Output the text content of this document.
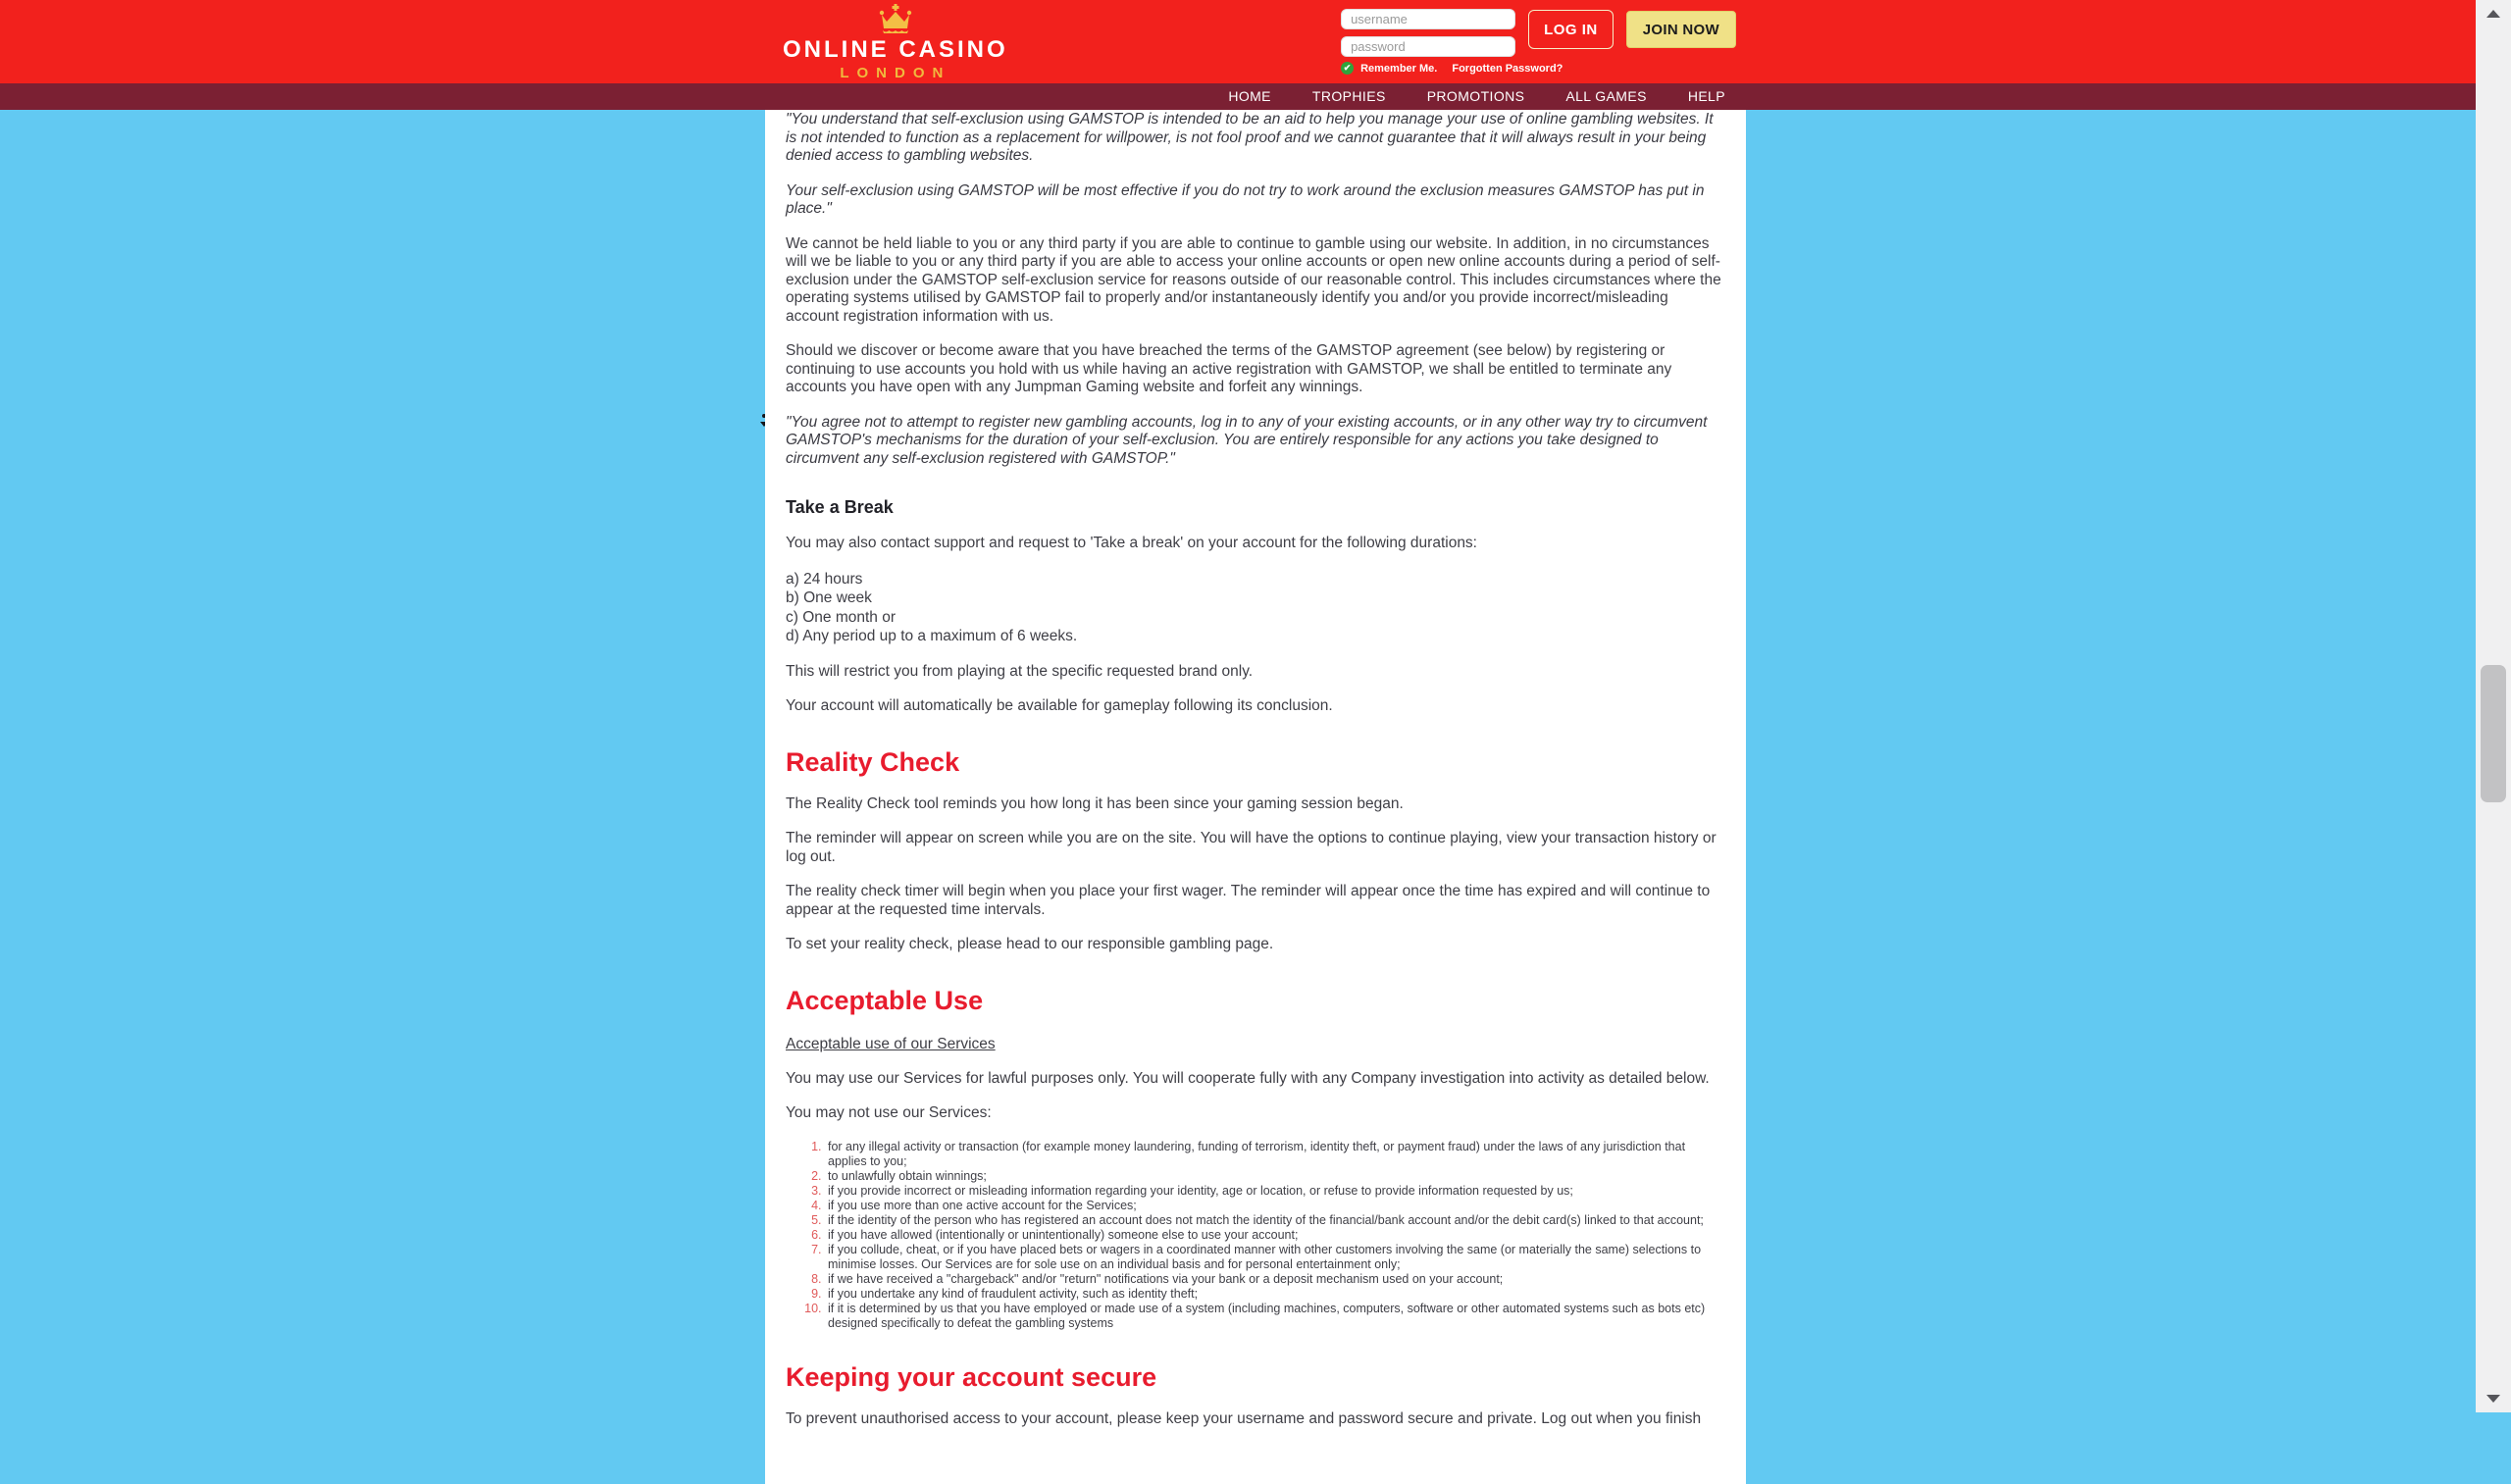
ONLINE CASINO
LONDON
username
LOG IN	JOIN NOW
✔ Remember Me. Forgotten Password?
HOME	TROPHIES	PROMOTIONS	ALL GAMES	HELP

"You understand that self-exclusion using GAMSTOP is intended to be an aid to help you manage your use of online gambling websites. It is not intended to function as a replacement for willpower, is not fool proof and we cannot guarantee that it will always result in your being denied access to gambling websites.

Your self-exclusion using GAMSTOP will be most effective if you do not try to work around the exclusion measures GAMSTOP has put in place."

We cannot be held liable to you or any third party if you are able to continue to gamble using our website. In addition, in no circumstances will we be liable to you or any third party if you are able to access your online accounts or open new online accounts during a period of self-exclusion under the GAMSTOP self-exclusion service for reasons outside of our reasonable control. This includes circumstances where the operating systems utilised by GAMSTOP fail to properly and/or instantaneously identify you and/or you provide incorrect/misleading account registration information with us.

Should we discover or become aware that you have breached the terms of the GAMSTOP agreement (see below) by registering or continuing to use accounts you hold with us while having an active registration with GAMSTOP, we shall be entitled to terminate any accounts you have open with any Jumpman Gaming website and forfeit any winnings.

"You agree not to attempt to register new gambling accounts, log in to any of your existing accounts, or in any other way try to circumvent GAMSTOP's mechanisms for the duration of your self-exclusion. You are entirely responsible for any actions you take designed to circumvent any self-exclusion registered with GAMSTOP."

Take a Break

You may also contact support and request to 'Take a break' on your account for the following durations:

a) 24 hours
b) One week
c) One month or
d) Any period up to a maximum of 6 weeks.

This will restrict you from playing at the specific requested brand only.

Your account will automatically be available for gameplay following its conclusion.

Reality Check

The Reality Check tool reminds you how long it has been since your gaming session began.

The reminder will appear on screen while you are on the site. You will have the options to continue playing, view your transaction history or log out.

The reality check timer will begin when you place your first wager. The reminder will appear once the time has expired and will continue to appear at the requested time intervals.

To set your reality check, please head to our responsible gambling page.

Acceptable Use

Acceptable use of our Services

You may use our Services for lawful purposes only. You will cooperate fully with any Company investigation into activity as detailed below.

You may not use our Services:

1. for any illegal activity or transaction (for example money laundering, funding of terrorism, identity theft, or payment fraud) under the laws of any jurisdiction that applies to you;
2. to unlawfully obtain winnings;
3. if you provide incorrect or misleading information regarding your identity, age or location, or refuse to provide information requested by us;
4. if you use more than one active account for the Services;
5. if the identity of the person who has registered an account does not match the identity of the financial/bank account and/or the debit card(s) linked to that account;
6. if you have allowed (intentionally or unintentionally) someone else to use your account;
7. if you collude, cheat, or if you have placed bets or wagers in a coordinated manner with other customers involving the same (or materially the same) selections to minimise losses. Our Services are for sole use on an individual basis and for personal entertainment only;
8. if we have received a "chargeback" and/or "return" notifications via your bank or a deposit mechanism used on your account;
9. if you undertake any kind of fraudulent activity, such as identity theft;
10. if it is determined by us that you have employed or made use of a system (including machines, computers, software or other automated systems such as bots etc) designed specifically to defeat the gambling systems
Keeping your account secure

To prevent unauthorised access to your account, please keep your username and password secure and private. Log out when you finish
